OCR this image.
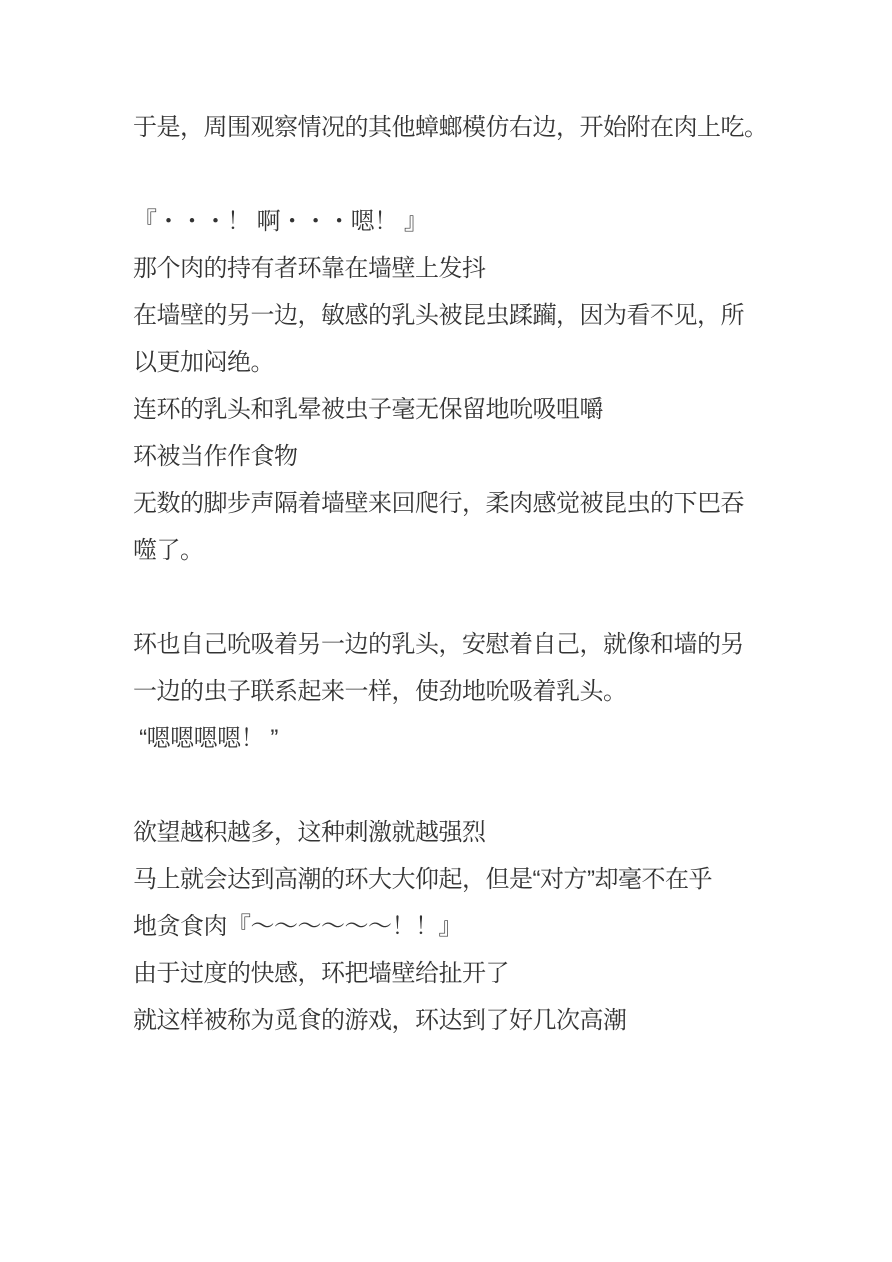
于是，周围观察情况的其他蟑螂模仿右边，开始附在肉上吃。
『・・・！ 啊・・・嗯！ 』
那个肉的持有者环靠在墙壁上发抖
在墙壁的另一边，敏感的乳头被昆虫蹂躏，因为看不见，所
以更加闷绝。
连环的乳头和乳晕被虫子毫无保留地吮吸咀嚼
环被当作作食物
无数的脚步声隔着墙壁来回爬行，柔肉感觉被昆虫的下巴吞
噬了。
环也自己吮吸着另一边的乳头，安慰着自己，就像和墙的另
一边的虫子联系起来一样，使劲地吮吸着乳头。
“嗯嗯嗯嗯！ ”
欲望越积越多，这种刺激就越强烈
马上就会达到高潮的环大大仰起，但是“对方”却毫不在乎
地贪食肉『～～～～～～！！』
由于过度的快感，环把墙壁给扯开了
就这样被称为觅食的游戏，环达到了好几次高潮
